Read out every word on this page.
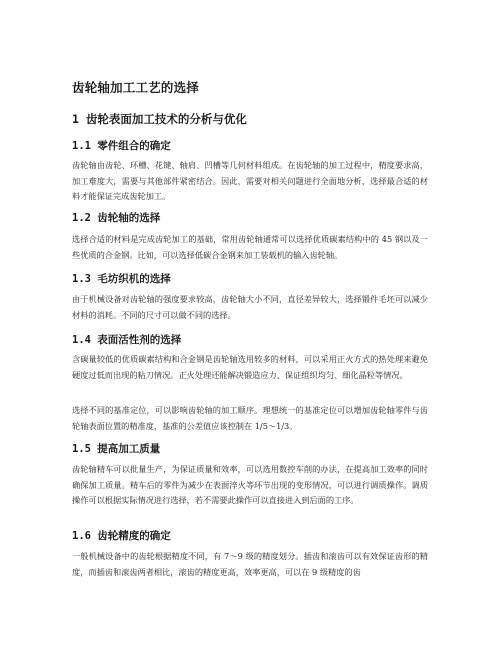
齿轮轴加工工艺的选择
1 齿轮表面加工技术的分析与优化
1.1 零件组合的确定
齿轮轴由齿轮、环槽、花键、轴肩、凹槽等几何材料组成。在齿轮轴的加工过程中，精度要求高，加工难度大，需要与其他部件紧密结合。因此，需要对相关问题进行全面地分析，选择最合适的材料才能保证完成齿轮加工。
1.2 齿轮轴的选择
选择合适的材料是完成齿轮加工的基础，常用齿轮轴通常可以选择优质碳素结构中的 45 钢以及一些优质的合金钢。比如，可以选择低碳合金钢来加工装载机的输入齿轮轴。
1.3 毛坊织机的选择
由于机械设备对齿轮轴的强度要求较高，齿轮轴大小不同，直径差异较大，选择锻件毛坯可以减少材料的消耗。不同的尺寸可以做不同的选择。
1.4 表面活性剂的选择
含碳量较低的优质碳素结构和合金钢是齿轮轴选用较多的材料，可以采用正火方式的热处理来避免硬度过低而出现的粘刀情况。正火处理还能解决锻造应力、保证组织均匀、细化晶粒等情况。
选择不同的基准定位，可以影响齿轮轴的加工顺序。理想统一的基准定位可以增加齿轮轴零件与齿轮轴表面位置的精准度，基准的公差值应该控制在 1/5～1/3。
1.5 提高加工质量
齿轮轴精车可以批量生产，为保证质量和效率，可以选用数控车削的办法，在提高加工效率的同时确保加工质量。精车后的零件为减少在表面淬火等环节出现的变形情况，可以进行调质操作。调质操作可以根据实际情况进行选择，若不需要此操作可以直接进入到后面的工序。
1.6 齿轮精度的确定
一般机械设备中的齿轮根据精度不同，有 7～9 级的精度划分。插齿和滚齿可以有效保证齿形的精度，而插齿和滚齿两者相比，滚齿的精度更高，效率更高，可以在 9 级精度的齿
